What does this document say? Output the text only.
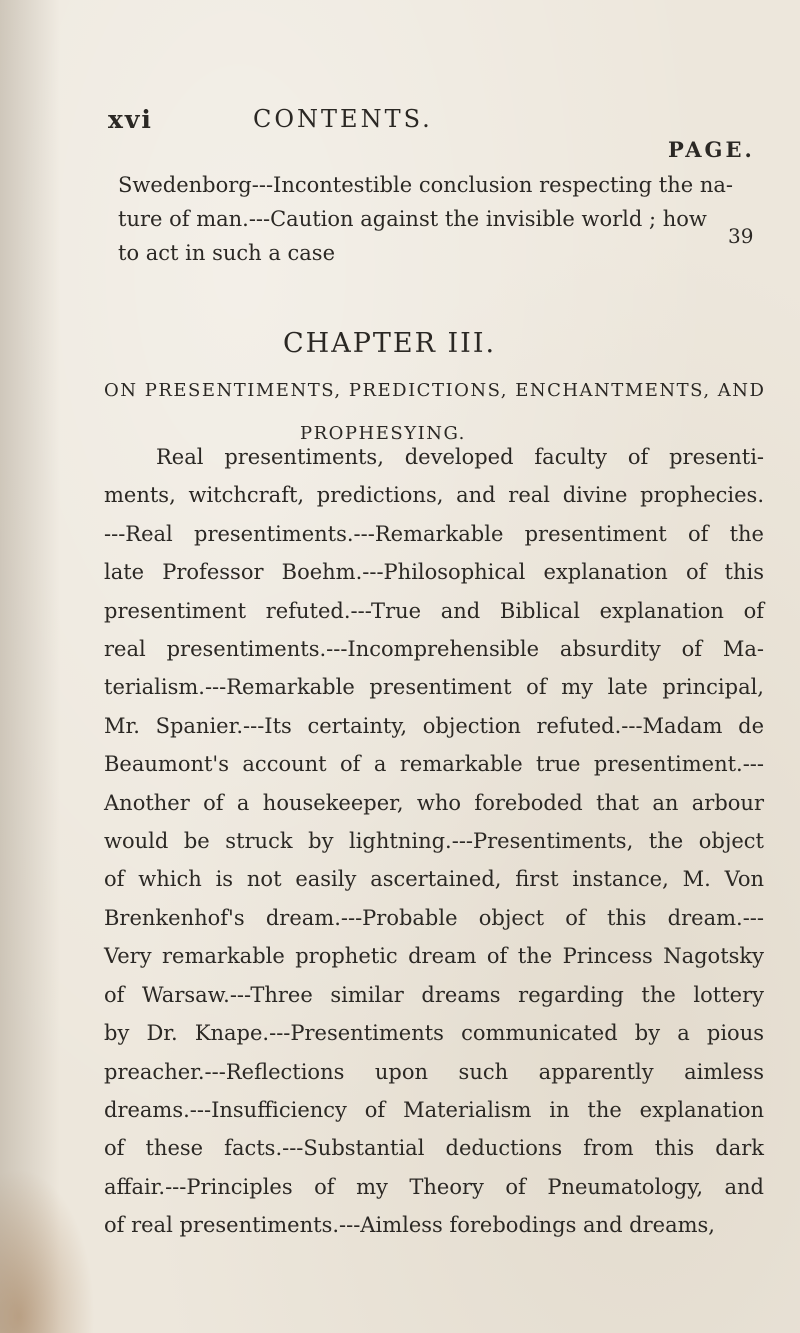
xvi	CONTENTS.
PAGE.
Swedenborg---Incontestible conclusion respecting the na-
ture of man.---Caution against the invisible world ; how
to act in such a case
39
CHAPTER III.
ON PRESENTIMENTS, PREDICTIONS, ENCHANTMENTS, AND
PROPHESYING.
Real presentiments, developed faculty of presenti-
ments, witchcraft, predictions, and real divine prophecies.
---Real presentiments.---Remarkable presentiment of the
late Professor Boehm.---Philosophical explanation of this
presentiment refuted.---True and Biblical explanation of
real presentiments.---Incomprehensible absurdity of Ma-
terialism.---Remarkable presentiment of my late principal,
Mr. Spanier.---Its certainty, objection refuted.---Madam de
Beaumont's account of a remarkable true presentiment.---
Another of a housekeeper, who foreboded that an arbour
would be struck by lightning.---Presentiments, the object
of which is not easily ascertained, first instance, M. Von
Brenkenhof's dream.---Probable object of this dream.---
Very remarkable prophetic dream of the Princess Nagotsky
of Warsaw.---Three similar dreams regarding the lottery
by Dr. Knape.---Presentiments communicated by a pious
preacher.---Reflections upon such apparently aimless
dreams.---Insufficiency of Materialism in the explanation
of these facts.---Substantial deductions from this dark
affair.---Principles of my Theory of Pneumatology, and
of real presentiments.---Aimless forebodings and dreams,
